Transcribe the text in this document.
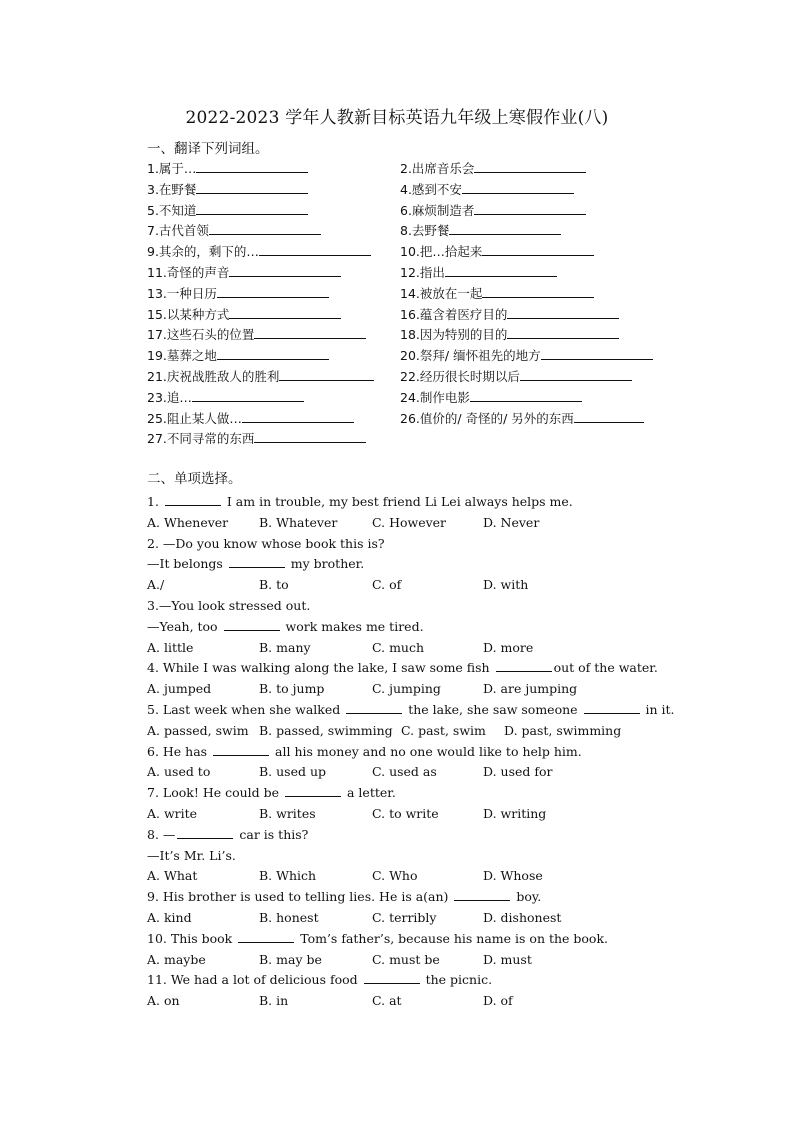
2022-2023 学年人教新目标英语九年级上寒假作业(八)
一、翻译下列词组。
1.属于…	2.出席音乐会
3.在野餐	4.感到不安
5.不知道	6.麻烦制造者
7.古代首领	8.去野餐
9.其余的，剩下的…	10.把…拾起来
11.奇怪的声音	12.指出
13.一种日历	14.被放在一起
15.以某种方式	16.蕴含着医疗目的
17.这些石头的位置	18.因为特别的目的
19.墓葬之地	20.祭拜/ 缅怀祖先的地方
21.庆祝战胜敌人的胜利	22.经历很长时期以后
23.追…	24.制作电影
25.阻止某人做…	26.值价的/ 奇怪的/ 另外的东西
27.不同寻常的东西
二、单项选择。
1.	I am in trouble, my best friend Li Lei always helps me.
A. Whenever B. Whatever	C. However	D. Never
2. —Do you know whose book this is?
—It belongs	my brother.
A./	B. to	C. of	D. with
3.—You look stressed out.
—Yeah, too	work makes me tired.
A. little	B. many	C. much	D. more
4. While I was walking along the lake, I saw some fish	out of the water.
A. jumped	B. to jump	C. jumping	D. are jumping
5. Last week when she walked	the lake, she saw someone	in it.
A. passed, swim B. passed, swimming C. past, swim D. past, swimming
6. He has	all his money and no one would like to help him.
A. used to	B. used up	C. used as	D. used for
7. Look! He could be	a letter.
A. write	B. writes	C. to write	D. writing
8. —	car is this?
—It’s Mr. Li’s.
A. What	B. Which	C. Who	D. Whose
9. His brother is used to telling lies. He is a(an)	boy.
A. kind	B. honest	C. terribly	D. dishonest
10. This book	Tom’s father’s, because his name is on the book.
A. maybe	B. may be	C. must be	D. must
11. We had a lot of delicious food	the picnic.
A. on	B. in	C. at	D. of
